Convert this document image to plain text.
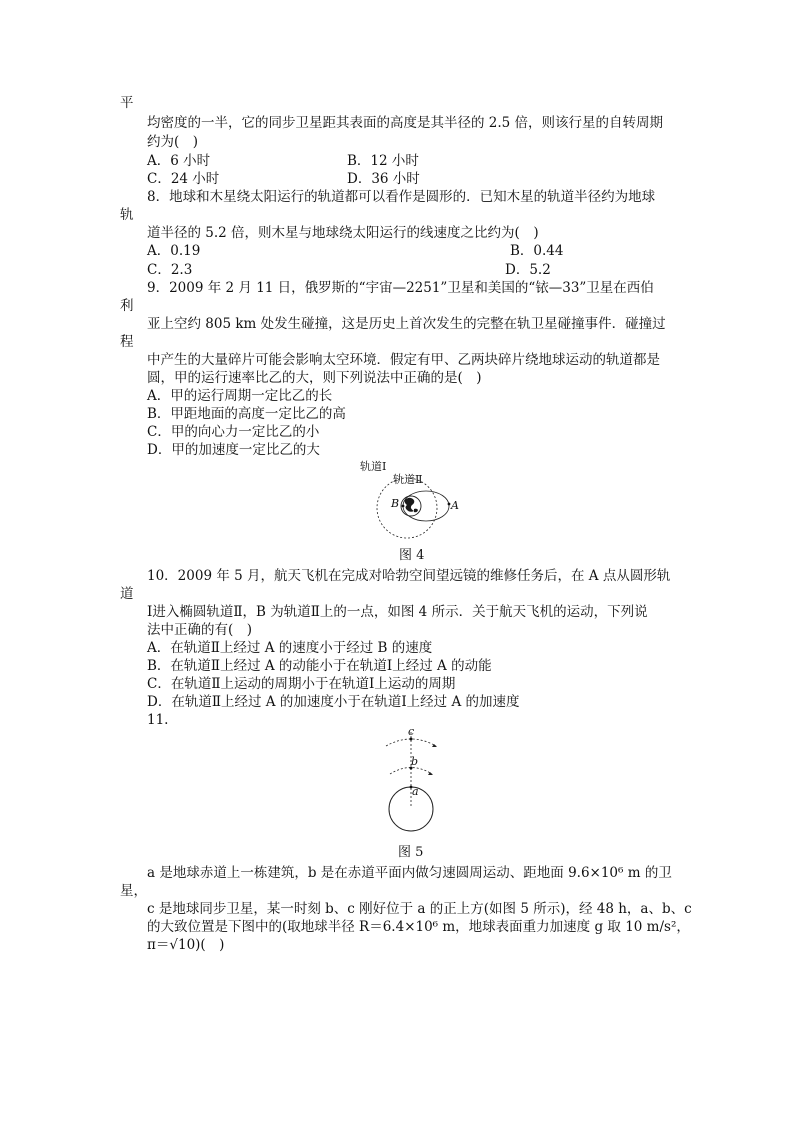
平
均密度的一半，它的同步卫星距其表面的高度是其半径的 2.5 倍，则该行星的自转周期
约为(　)
A．6 小时	B．12 小时
C．24 小时	D．36 小时
8．地球和木星绕太阳运行的轨道都可以看作是圆形的．已知木星的轨道半径约为地球
轨
道半径的 5.2 倍，则木星与地球绕太阳运行的线速度之比约为(　)
A．0.19	B．0.44
C．2.3	D．5.2
9．2009 年 2 月 11 日，俄罗斯的“宇宙—2251”卫星和美国的“铱—33”卫星在西伯
利
亚上空约 805 km 处发生碰撞，这是历史上首次发生的完整在轨卫星碰撞事件．碰撞过
程
中产生的大量碎片可能会影响太空环境．假定有甲、乙两块碎片绕地球运动的轨道都是
圆，甲的运行速率比乙的大，则下列说法中正确的是(　)
A．甲的运行周期一定比乙的长
B．甲距地面的高度一定比乙的高
C．甲的向心力一定比乙的小
D．甲的加速度一定比乙的大
轨道Ⅰ
轨道Ⅱ
B	A
图 4
10．2009 年 5 月，航天飞机在完成对哈勃空间望远镜的维修任务后，在 A 点从圆形轨
道
Ⅰ进入椭圆轨道Ⅱ，B 为轨道Ⅱ上的一点，如图 4 所示．关于航天飞机的运动，下列说
法中正确的有(　)
A．在轨道Ⅱ上经过 A 的速度小于经过 B 的速度
B．在轨道Ⅱ上经过 A 的动能小于在轨道Ⅰ上经过 A 的动能
C．在轨道Ⅱ上运动的周期小于在轨道Ⅰ上运动的周期
D．在轨道Ⅱ上经过 A 的加速度小于在轨道Ⅰ上经过 A 的加速度
11.
c
b
a
图 5
a 是地球赤道上一栋建筑，b 是在赤道平面内做匀速圆周运动、距地面 9.6×10⁶ m 的卫
星，
c 是地球同步卫星，某一时刻 b、c 刚好位于 a 的正上方(如图 5 所示)，经 48 h，a、b、c
的大致位置是下图中的(取地球半径 R＝6.4×10⁶ m，地球表面重力加速度 g 取 10 m/s²，
π＝√10)(　)
